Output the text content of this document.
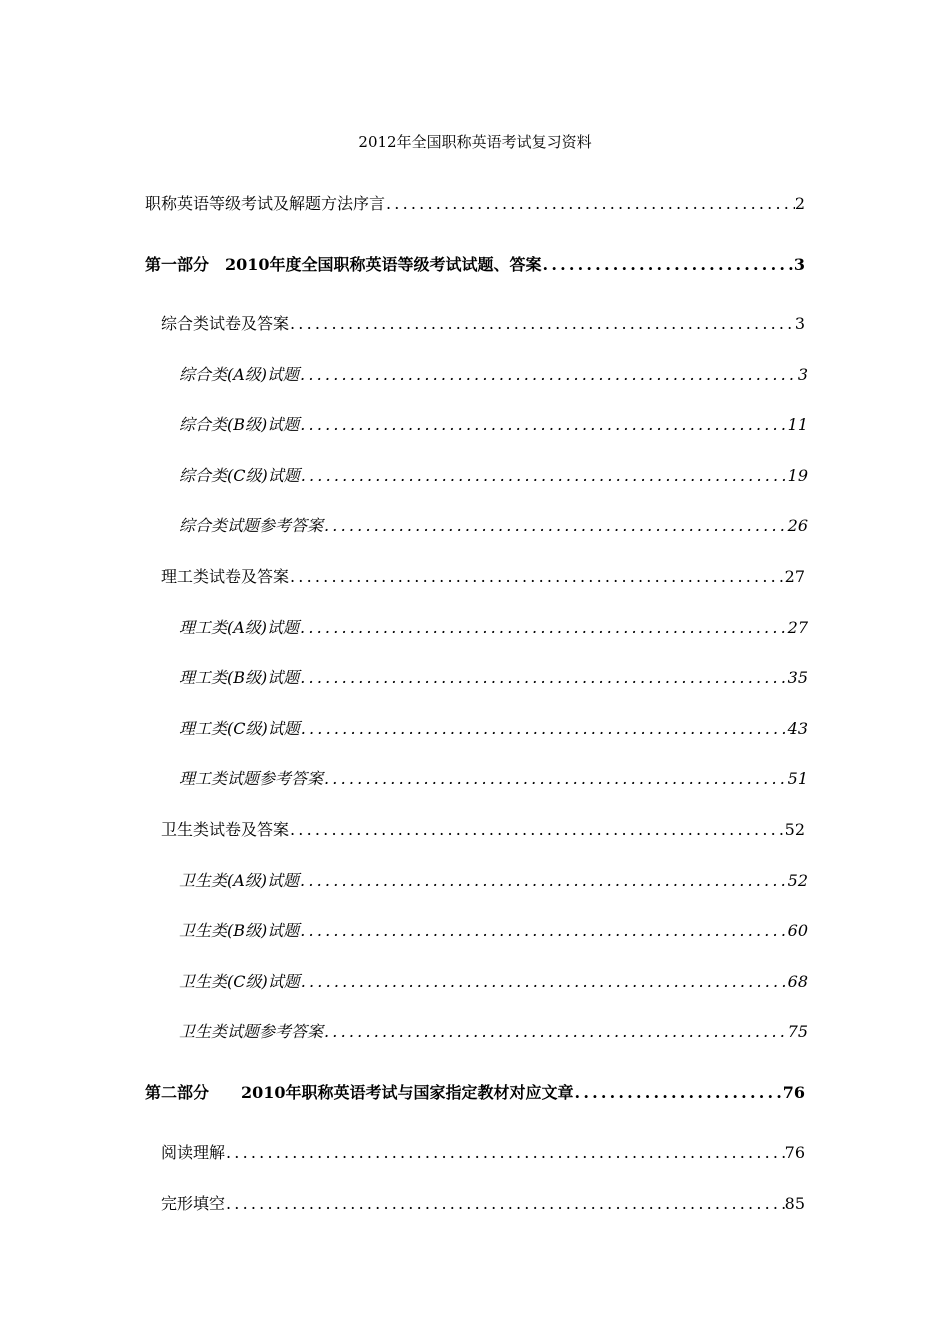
2012年全国职称英语考试复习资料
职称英语等级考试及解题方法序言 .....	2
第一部分　2010年度全国职称英语等级考试试题、答案 .....	3
综合类试卷及答案 .....	3
综合类(A级)试题 .....	3
综合类(B级)试题 .....	11
综合类(C级)试题 .....	19
综合类试题参考答案 .....	26
理工类试卷及答案 .....	27
理工类(A级)试题 .....	27
理工类(B级)试题 .....	35
理工类(C级)试题 .....	43
理工类试题参考答案 .....	51
卫生类试卷及答案 .....	52
卫生类(A级)试题 .....	52
卫生类(B级)试题 .....	60
卫生类(C级)试题 .....	68
卫生类试题参考答案 .....	75
第二部分　　2010年职称英语考试与国家指定教材对应文章 .....	76
阅读理解 .....	76
完形填空 .....	85
